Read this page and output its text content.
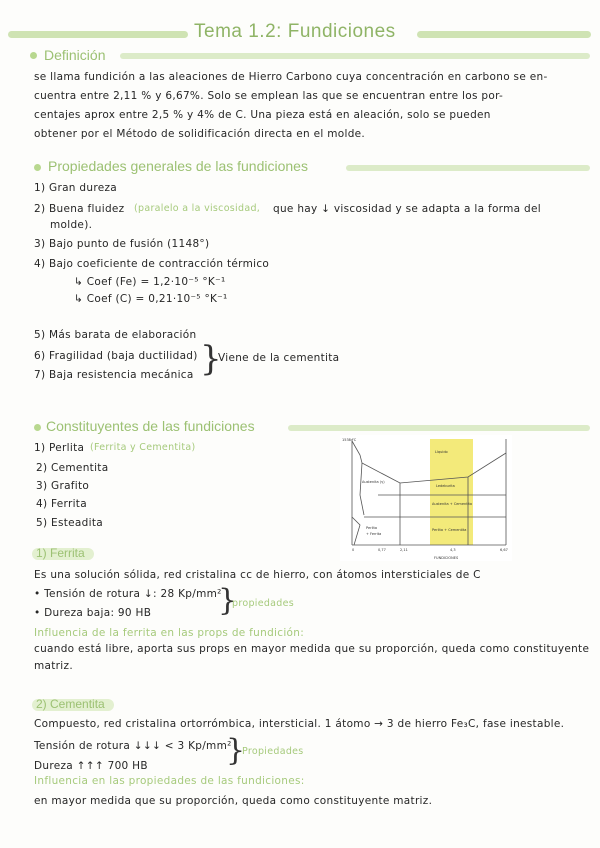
Tema 1.2: Fundiciones
Definición
se llama fundición a las aleaciones de Hierro Carbono cuya concentración en carbono se en-
cuentra entre 2,11 % y 6,67%. Solo se emplean las que se encuentran entre los por-
centajes aprox entre 2,5 % y 4% de C. Una pieza está en aleación, solo se pueden
obtener por el Método de solidificación directa en el molde.
Propiedades generales de las fundiciones
1) Gran dureza
2) Buena fluidez (paralelo a la viscosidad, que hay ↓ viscosidad y se adapta a la forma del
molde).
3) Bajo punto de fusión (1148°)
4) Bajo coeficiente de contracción térmico
↳ Coef (Fe) = 1,2·10⁻⁵ °K⁻¹
↳ Coef (C) = 0,21·10⁻⁵ °K⁻¹
5) Más barata de elaboración
6) Fragilidad (baja ductilidad)
7) Baja resistencia mecánica }
Viene de la cementita
Constituyentes de las fundiciones
1) Perlita (Ferrita y Cementita)
2) Cementita
3) Grafito
4) Ferrita
5) Esteadita
1538 °C
Líquido
Austenita (γ)
Ledeburita
Austenita + Cementita
Perlita + Cementita
Perlita
+ Ferrita
0	0,77	2,11	4,3	6,67
FUNDICIONES
1) Ferrita
Es una solución sólida, red cristalina cc de hierro, con átomos intersticiales de C
• Tensión de rotura ↓: 28 Kp/mm²
• Dureza baja: 90 HB }
propiedades
Influencia de la ferrita en las props de fundición:
cuando está libre, aporta sus props en mayor medida que su proporción, queda como constituyente
matriz.
2) Cementita
Compuesto, red cristalina ortorrómbica, intersticial. 1 átomo → 3 de hierro Fe₃C, fase inestable.
Tensión de rotura ↓↓↓ < 3 Kp/mm²
Dureza ↑↑↑ 700 HB	}
Propiedades
Influencia en las propiedades de las fundiciones:
en mayor medida que su proporción, queda como constituyente matriz.
